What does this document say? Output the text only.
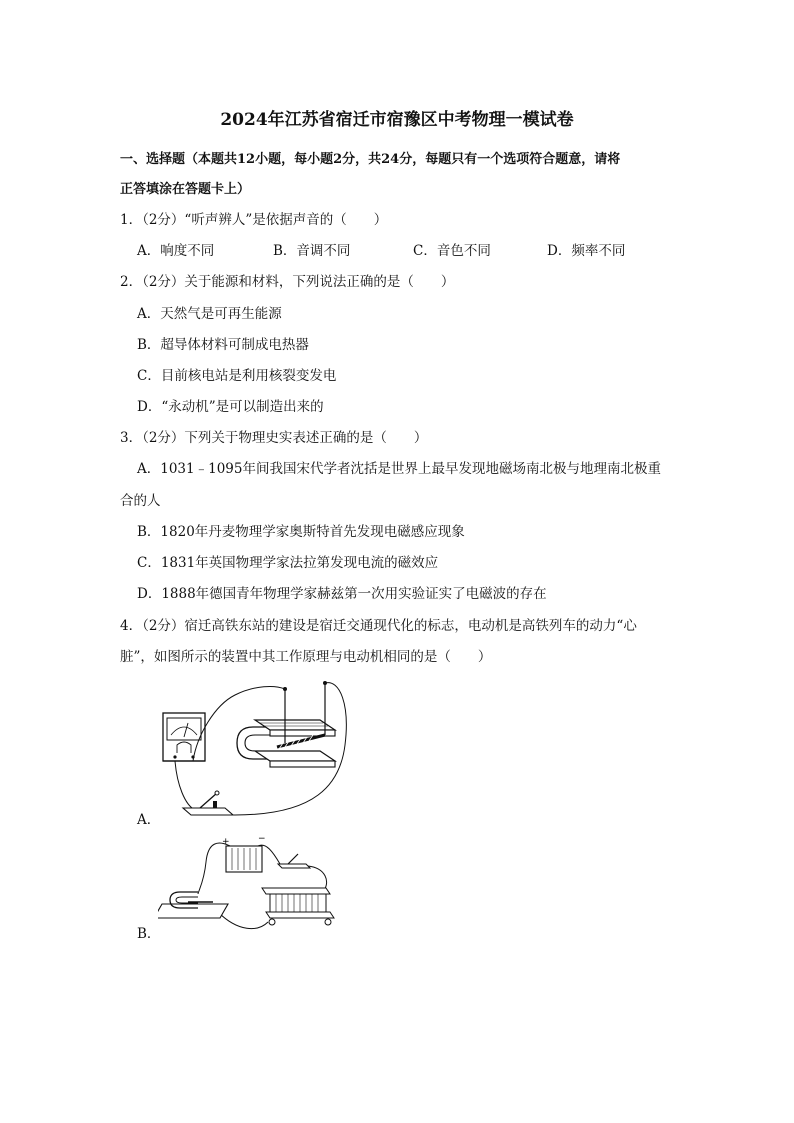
2024年江苏省宿迁市宿豫区中考物理一模试卷
一、选择题（本题共12小题，每小题2分，共24分，每题只有一个选项符合题意，请将
正答填涂在答题卡上）
1．（2分）“听声辨人”是依据声音的（　　）
A．响度不同	B．音调不同	C．音色不同	D．频率不同
2．（2分）关于能源和材料，下列说法正确的是（　　）
A．天然气是可再生能源
B．超导体材料可制成电热器
C．目前核电站是利用核裂变发电
D．“永动机”是可以制造出来的
3．（2分）下列关于物理史实表述正确的是（　　）
A．1031﹣1095年间我国宋代学者沈括是世界上最早发现地磁场南北极与地理南北极重
合的人
B．1820年丹麦物理学家奥斯特首先发现电磁感应现象
C．1831年英国物理学家法拉第发现电流的磁效应
D．1888年德国青年物理学家赫兹第一次用实验证实了电磁波的存在
4．（2分）宿迁高铁东站的建设是宿迁交通现代化的标志，电动机是高铁列车的动力“心
脏”，如图所示的装置中其工作原理与电动机相同的是（　　）
A．
+	−
B．
